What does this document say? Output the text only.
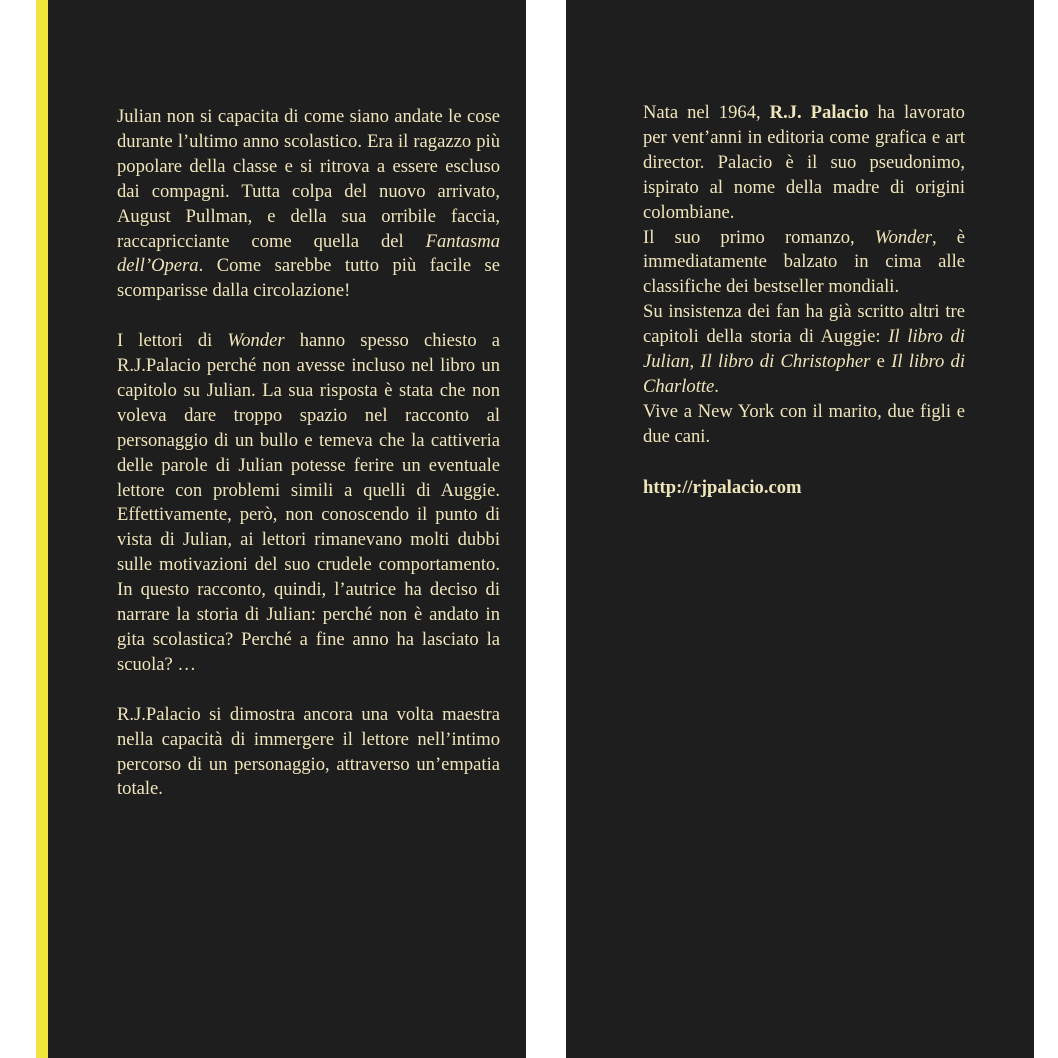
Julian non si capacita di come siano andate le cose durante l’ultimo anno scolastico. Era il ragazzo più popolare della classe e si ritrova a essere escluso dai compagni. Tutta colpa del nuovo arrivato, August Pullman, e della sua orribile faccia, raccapricciante come quella del Fantasma dell’Opera. Come sarebbe tutto più facile se scomparisse dalla circolazione!

I lettori di Wonder hanno spesso chiesto a R.J.Palacio perché non avesse incluso nel libro un capitolo su Julian. La sua risposta è stata che non voleva dare troppo spazio nel racconto al personaggio di un bullo e temeva che la cattiveria delle parole di Julian potesse ferire un eventuale lettore con problemi simili a quelli di Auggie. Effettivamente, però, non conoscendo il punto di vista di Julian, ai lettori rimanevano molti dubbi sulle motivazioni del suo crudele comportamento. In questo racconto, quindi, l’autrice ha deciso di narrare la storia di Julian: perché non è andato in gita scolastica? Perché a fine anno ha lasciato la scuola? …

R.J.Palacio si dimostra ancora una volta maestra nella capacità di immergere il lettore nell’intimo percorso di un personaggio, attraverso un’empatia totale.

Nata nel 1964, R.J. Palacio ha lavorato per vent’anni in editoria come grafica e art director. Palacio è il suo pseudonimo, ispirato al nome della madre di origini colombiane.
Il suo primo romanzo, Wonder, è immediatamente balzato in cima alle classifiche dei bestseller mondiali.
Su insistenza dei fan ha già scritto altri tre capitoli della storia di Auggie: Il libro di Julian, Il libro di Christopher e Il libro di Charlotte.
Vive a New York con il marito, due figli e due cani.
http://rjpalacio.com
